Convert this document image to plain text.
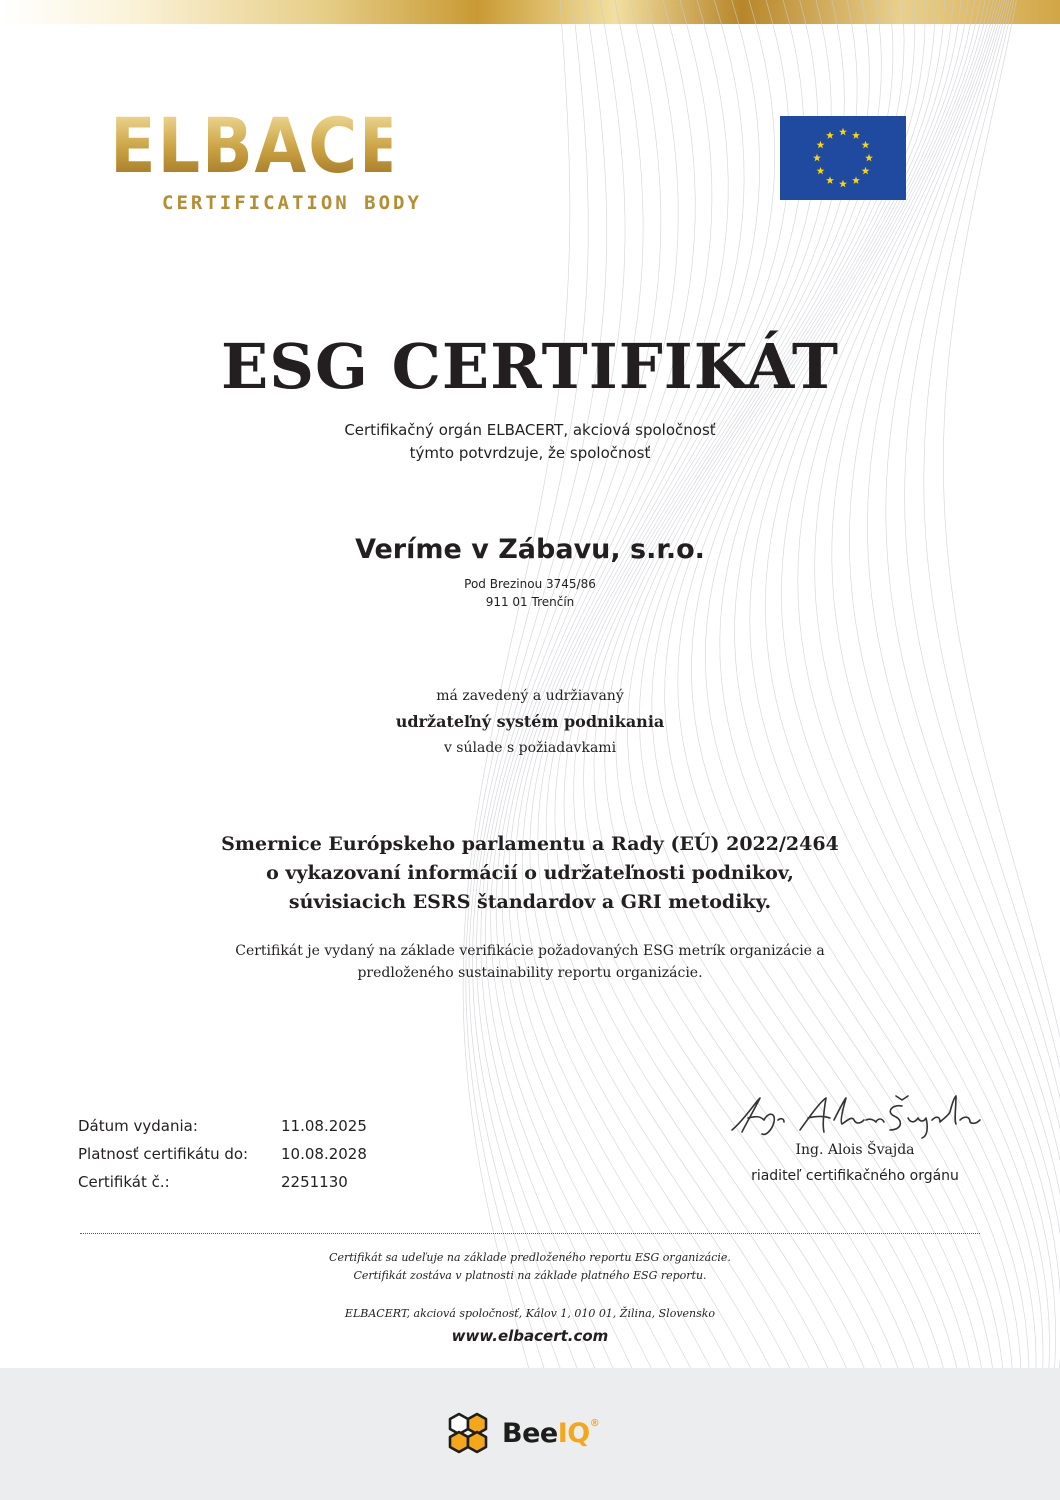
ELBACERT
CERTIFICATION BODY
ESG CERTIFIKÁT
Certifikačný orgán ELBACERT, akciová spoločnosť
týmto potvrdzuje, že spoločnosť
Veríme v Zábavu, s.r.o.
Pod Brezinou 3745/86
911 01 Trenčín
má zavedený a udržiavaný
udržateľný systém podnikania
v súlade s požiadavkami
Smernice Európskeho parlamentu a Rady (EÚ) 2022/2464
o vykazovaní informácií o udržateľnosti podnikov,
súvisiacich ESRS štandardov a GRI metodiky.
Certifikát je vydaný na základe verifikácie požadovaných ESG metrík organizácie a
predloženého sustainability reportu organizácie.
Dátum vydania:	11.08.2025
Platnosť certifikátu do:	10.08.2028
Certifikát č.:	2251130
Ing. Alois Švajda
riaditeľ certifikačného orgánu
Certifikát sa udeľuje na základe predloženého reportu ESG organizácie.
Certifikát zostáva v platnosti na základe platného ESG reportu.
ELBACERT, akciová spoločnosť, Kálov 1, 010 01, Žilina, Slovensko
www.elbacert.com
BeeIQ®
